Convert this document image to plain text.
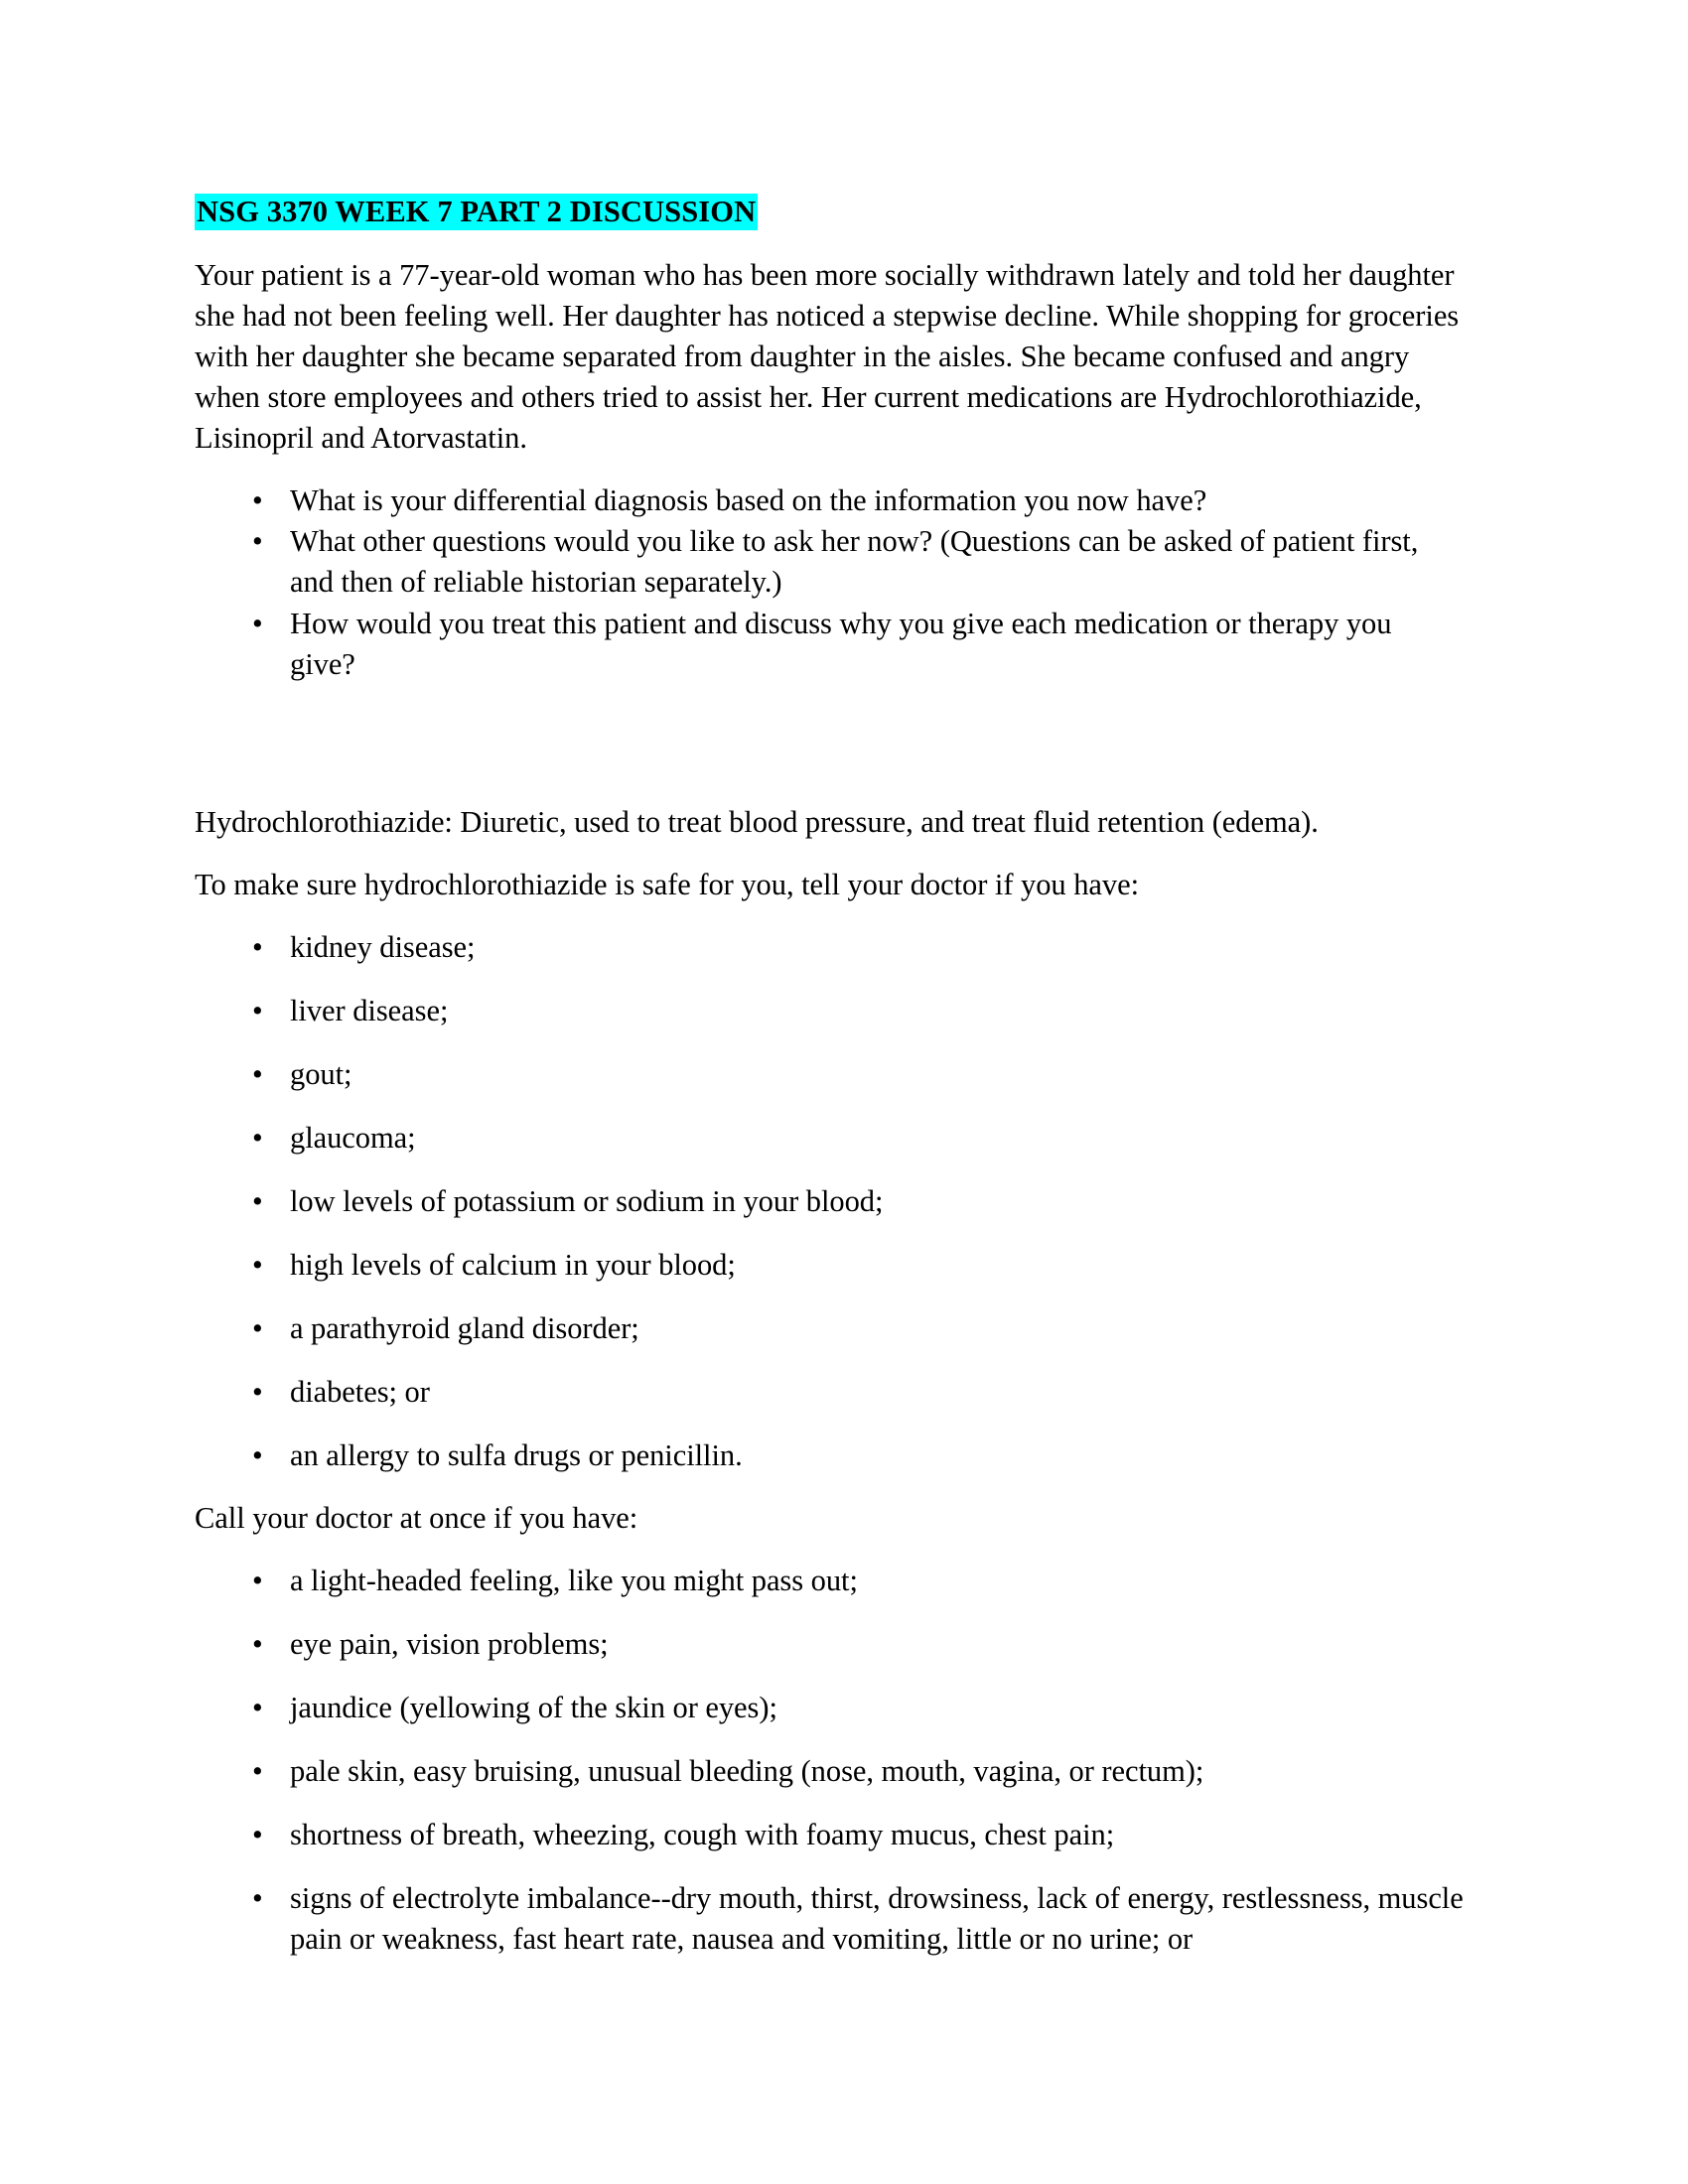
NSG 3370 WEEK 7 PART 2 DISCUSSION

Your patient is a 77-year-old woman who has been more socially withdrawn lately and told her daughter she had not been feeling well. Her daughter has noticed a stepwise decline. While shopping for groceries with her daughter she became separated from daughter in the aisles. She became confused and angry when store employees and others tried to assist her. Her current medications are Hydrochlorothiazide, Lisinopril and Atorvastatin.

• What is your differential diagnosis based on the information you now have?
• What other questions would you like to ask her now? (Questions can be asked of patient first, and then of reliable historian separately.)
• How would you treat this patient and discuss why you give each medication or therapy you give?

Hydrochlorothiazide: Diuretic, used to treat blood pressure, and treat fluid retention (edema).

To make sure hydrochlorothiazide is safe for you, tell your doctor if you have:

• kidney disease;
• liver disease;
• gout;
• glaucoma;
• low levels of potassium or sodium in your blood;
• high levels of calcium in your blood;
• a parathyroid gland disorder;
• diabetes; or
• an allergy to sulfa drugs or penicillin.

Call your doctor at once if you have:

• a light-headed feeling, like you might pass out;
• eye pain, vision problems;
• jaundice (yellowing of the skin or eyes);
• pale skin, easy bruising, unusual bleeding (nose, mouth, vagina, or rectum);
• shortness of breath, wheezing, cough with foamy mucus, chest pain;
• signs of electrolyte imbalance--dry mouth, thirst, drowsiness, lack of energy, restlessness, muscle pain or weakness, fast heart rate, nausea and vomiting, little or no urine; or
